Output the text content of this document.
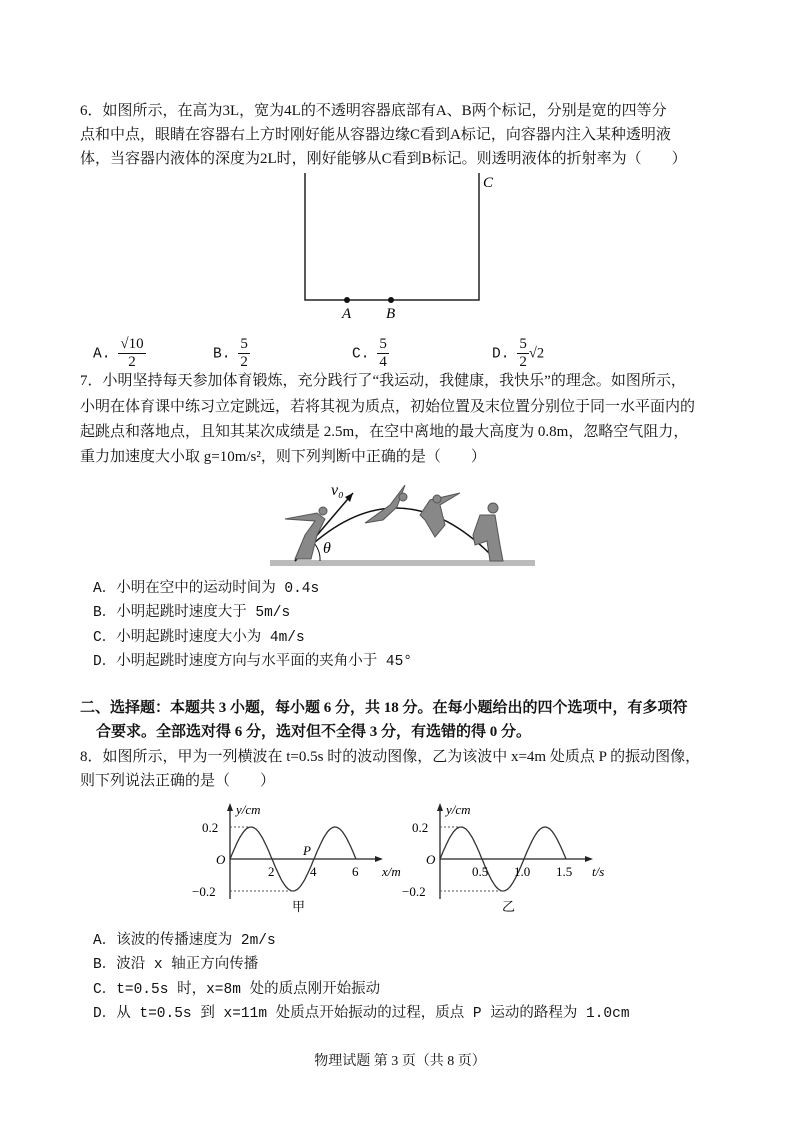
6．如图所示，在高为3L，宽为4L的不透明容器底部有A、B两个标记，分别是宽的四等分
点和中点，眼睛在容器右上方时刚好能从容器边缘C看到A标记，向容器内注入某种透明液
体，当容器内液体的深度为2L时，刚好能够从C看到B标记。则透明液体的折射率为（　　）
C
A B
A. $\frac{√10}{2}$	B. $\frac{5}{2}$	C. $\frac{5}{4}$	D. $\frac{5}{2} √2$
7．小明坚持每天参加体育锻炼，充分践行了“我运动，我健康，我快乐”的理念。如图所示，
小明在体育课中练习立定跳远，若将其视为质点，初始位置及末位置分别位于同一水平面内的
起跳点和落地点，且知其某次成绩是 2.5m，在空中离地的最大高度为 0.8m，忽略空气阻力，
重力加速度大小取 g=10m/s²，则下列判断中正确的是（　　）
θ
v₀
A．小明在空中的运动时间为 0.4s
B．小明起跳时速度大于 5m/s
C．小明起跳时速度大小为 4m/s
D．小明起跳时速度方向与水平面的夹角小于 45°
二、选择题：本题共 3 小题，每小题 6 分，共 18 分。在每小题给出的四个选项中，有多项符
合要求。全部选对得 6 分，选对但不全得 3 分，有选错的得 0 分。
8．如图所示，甲为一列横波在 t=0.5s 时的波动图像，乙为该波中 x=4m 处质点 P 的振动图像，
则下列说法正确的是（　　）
0.2
−0.2
O
2	4	6 x/m
y/cm
甲
P
0.2
−0.2
O
0.5 1.0 1.5 t/s
y/cm
乙
A．该波的传播速度为 2m/s
B．波沿 x 轴正方向传播
C．t=0.5s 时，x=8m 处的质点刚开始振动
D．从 t=0.5s 到 x=11m 处质点开始振动的过程，质点 P 运动的路程为 1.0cm
物理试题 第 3 页（共 8 页）
